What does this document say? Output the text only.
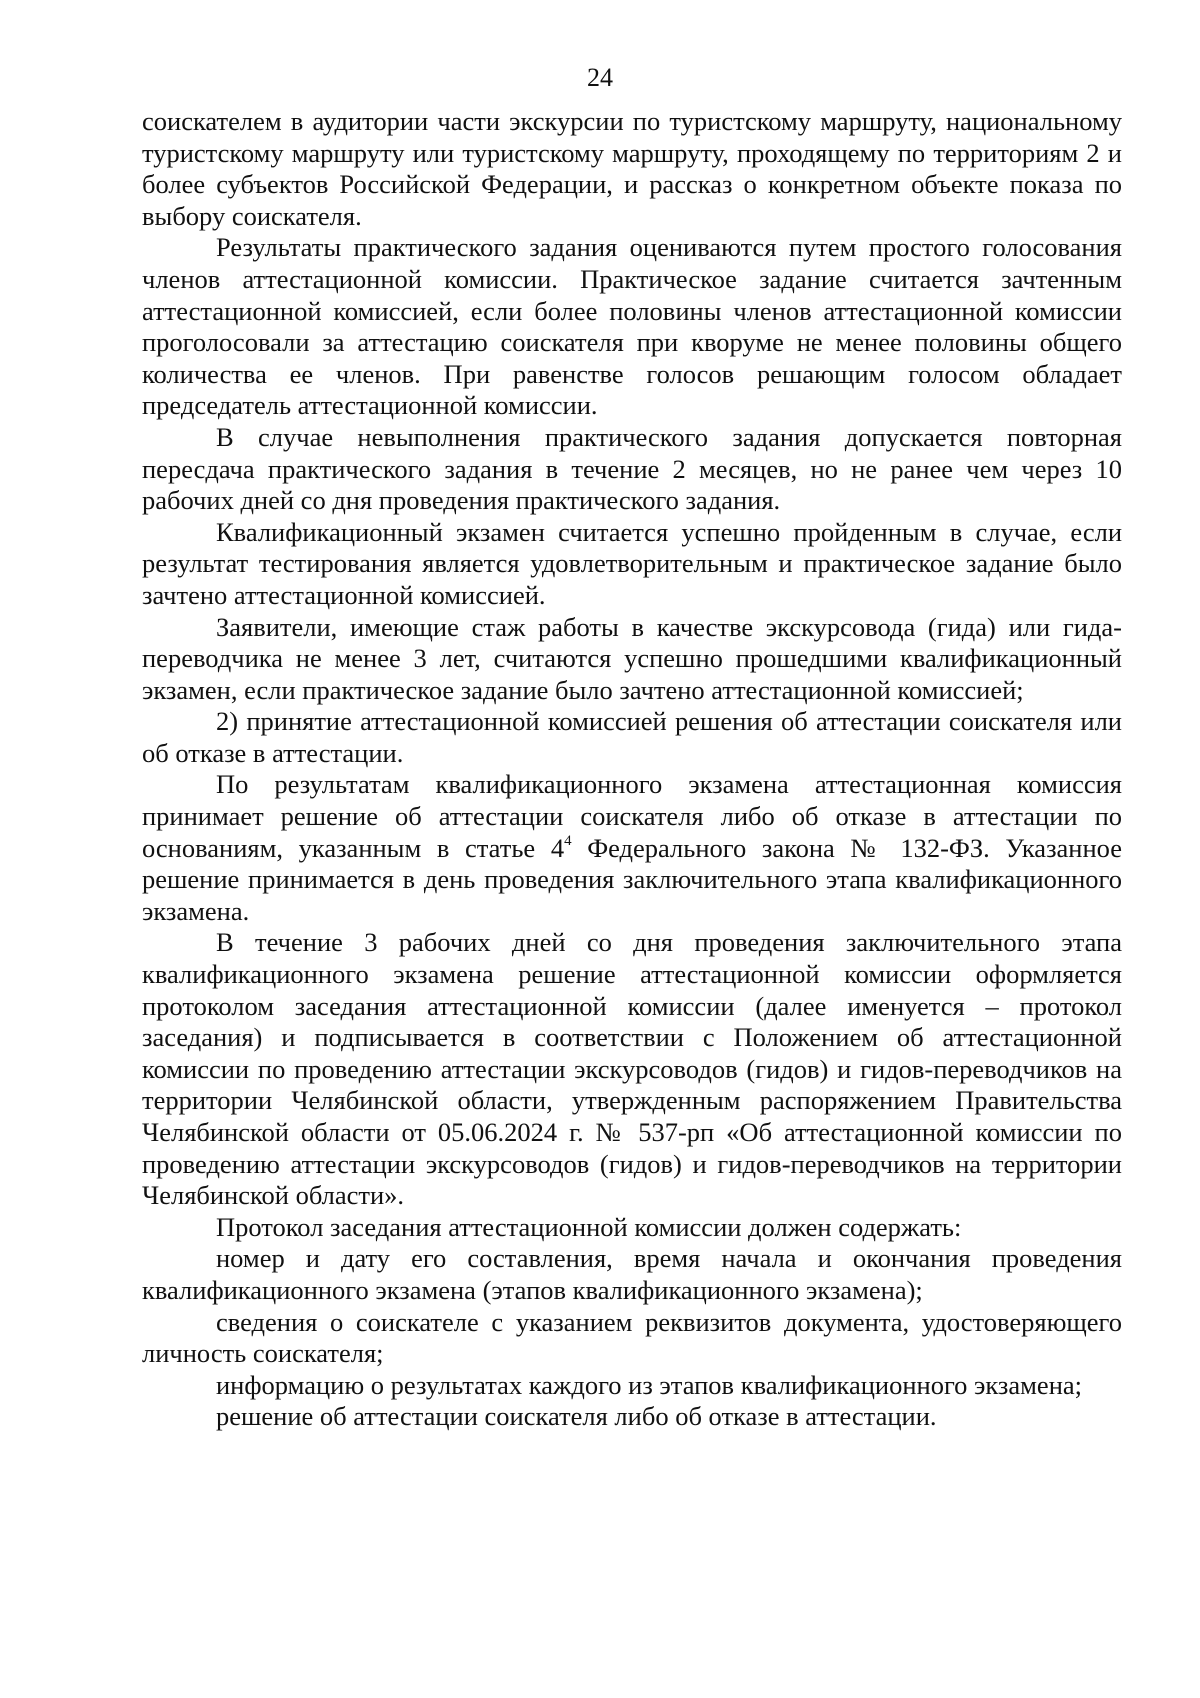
24

соискателем в аудитории части экскурсии по туристскому маршруту, национальному туристскому маршруту или туристскому маршруту, проходящему по территориям 2 и более субъектов Российской Федерации, и рассказ о конкретном объекте показа по выбору соискателя.

Результаты практического задания оцениваются путем простого голосования членов аттестационной комиссии. Практическое задание считается зачтенным аттестационной комиссией, если более половины членов аттестационной комиссии проголосовали за аттестацию соискателя при кворуме не менее половины общего количества ее членов. При равенстве голосов решающим голосом обладает председатель аттестационной комиссии.

В случае невыполнения практического задания допускается повторная пересдача практического задания в течение 2 месяцев, но не ранее чем через 10 рабочих дней со дня проведения практического задания.

Квалификационный экзамен считается успешно пройденным в случае, если результат тестирования является удовлетворительным и практическое задание было зачтено аттестационной комиссией.

Заявители, имеющие стаж работы в качестве экскурсовода (гида) или гида-переводчика не менее 3 лет, считаются успешно прошедшими квалификационный экзамен, если практическое задание было зачтено аттестационной комиссией;

2) принятие аттестационной комиссией решения об аттестации соискателя или об отказе в аттестации.

По результатам квалификационного экзамена аттестационная комиссия принимает решение об аттестации соискателя либо об отказе в аттестации по основаниям, указанным в статье $4^4$ Федерального закона № 132-ФЗ. Указанное решение принимается в день проведения заключительного этапа квалификационного экзамена.

В течение 3 рабочих дней со дня проведения заключительного этапа квалификационного экзамена решение аттестационной комиссии оформляется протоколом заседания аттестационной комиссии (далее именуется – протокол заседания) и подписывается в соответствии с Положением об аттестационной комиссии по проведению аттестации экскурсоводов (гидов) и гидов-переводчиков на территории Челябинской области, утвержденным распоряжением Правительства Челябинской области от 05.06.2024 г. № 537-рп «Об аттестационной комиссии по проведению аттестации экскурсоводов (гидов) и гидов-переводчиков на территории Челябинской области».

Протокол заседания аттестационной комиссии должен содержать:

номер и дату его составления, время начала и окончания проведения квалификационного экзамена (этапов квалификационного экзамена);

сведения о соискателе с указанием реквизитов документа, удостоверяющего личность соискателя;

информацию о результатах каждого из этапов квалификационного экзамена;

решение об аттестации соискателя либо об отказе в аттестации.
